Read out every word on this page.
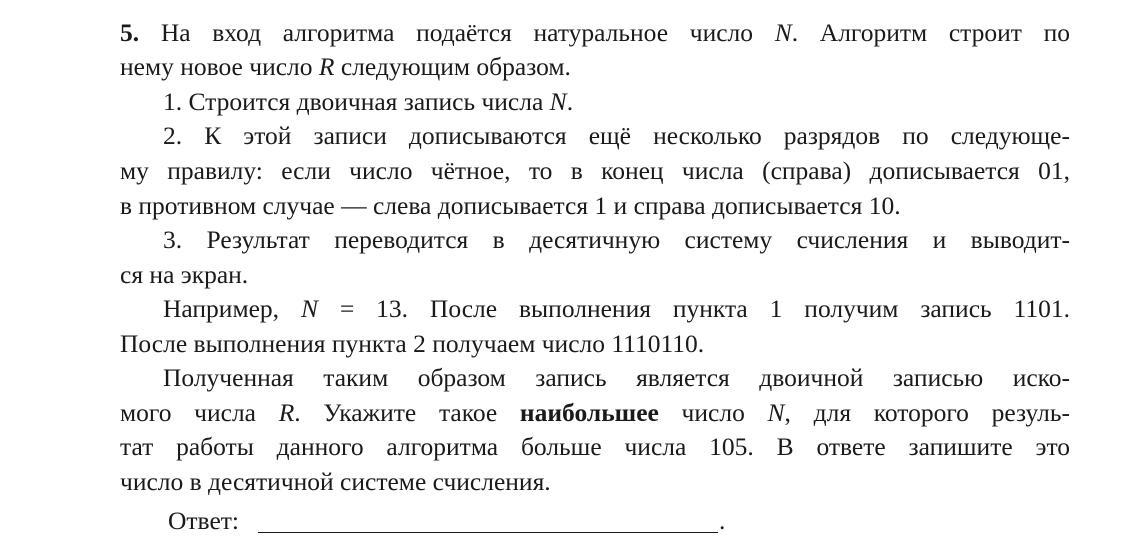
5. На вход алгоритма подаётся натуральное число N. Алгоритм строит по
нему новое число R следующим образом.
1. Строится двоичная запись числа N.
2. К этой записи дописываются ещё несколько разрядов по следующе-
му правилу: если число чётное, то в конец числа (справа) дописывается 01,
в противном случае — слева дописывается 1 и справа дописывается 10.
3. Результат переводится в десятичную систему счисления и выводит-
ся на экран.
Например, N = 13. После выполнения пункта 1 получим запись 1101.
После выполнения пункта 2 получаем число 1110110.
Полученная таким образом запись является двоичной записью иско-
мого числа R. Укажите такое наибольшее число N, для которого резуль-
тат работы данного алгоритма больше числа 105. В ответе запишите это
число в десятичной системе счисления.
Ответ:	.
